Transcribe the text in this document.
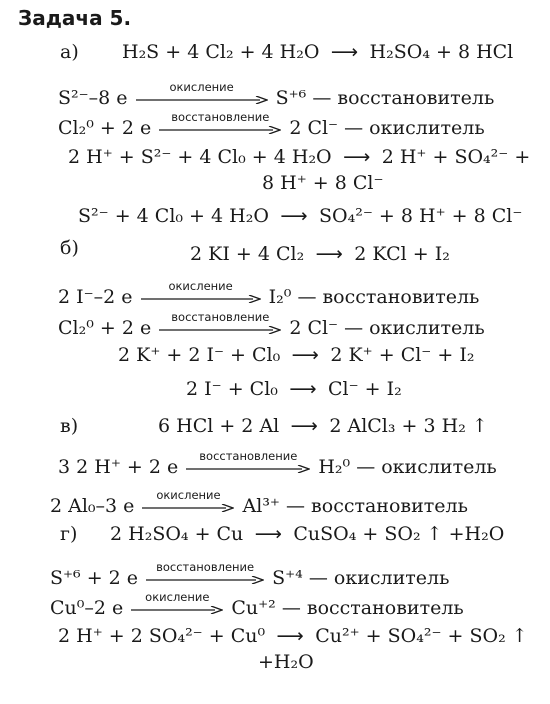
Задача 5.
а) H₂S + 4 Cl₂ + 4 H₂O ⟶ H₂SO₄ + 8 HCl
S²⁻–8 e	окисление	S⁺⁶ — восстановитель
Cl₂⁰ + 2 e	восстановление	2 Cl⁻ — окислитель
2 H⁺ + S²⁻ + 4 Cl₀ + 4 H₂O ⟶ 2 H⁺ + SO₄²⁻ +
8 H⁺ + 8 Cl⁻
S²⁻ + 4 Cl₀ + 4 H₂O ⟶ SO₄²⁻ + 8 H⁺ + 8 Cl⁻
б)	2 KI + 4 Cl₂ ⟶ 2 KCl + I₂
2 I⁻–2 e	окисление	I₂⁰ — восстановитель
Cl₂⁰ + 2 e	восстановление	2 Cl⁻ — окислитель
2 K⁺ + 2 I⁻ + Cl₀ ⟶ 2 K⁺ + Cl⁻ + I₂
2 I⁻ + Cl₀ ⟶ Cl⁻ + I₂
в)	6 HCl + 2 Al ⟶ 2 AlCl₃ + 3 H₂ ↑
3 2 H⁺ + 2 e	восстановление	H₂⁰ — окислитель
2 Al₀–3 e	окисление	Al³⁺ — восстановитель
г) 2 H₂SO₄ + Cu ⟶ CuSO₄ + SO₂ ↑ +H₂O
S⁺⁶ + 2 e	восстановление S⁺⁴ — окислитель
Cu⁰–2 e	окисление	Cu⁺² — восстановитель
2 H⁺ + 2 SO₄²⁻ + Cu⁰ ⟶ Cu²⁺ + SO₄²⁻ + SO₂ ↑
+H₂O
